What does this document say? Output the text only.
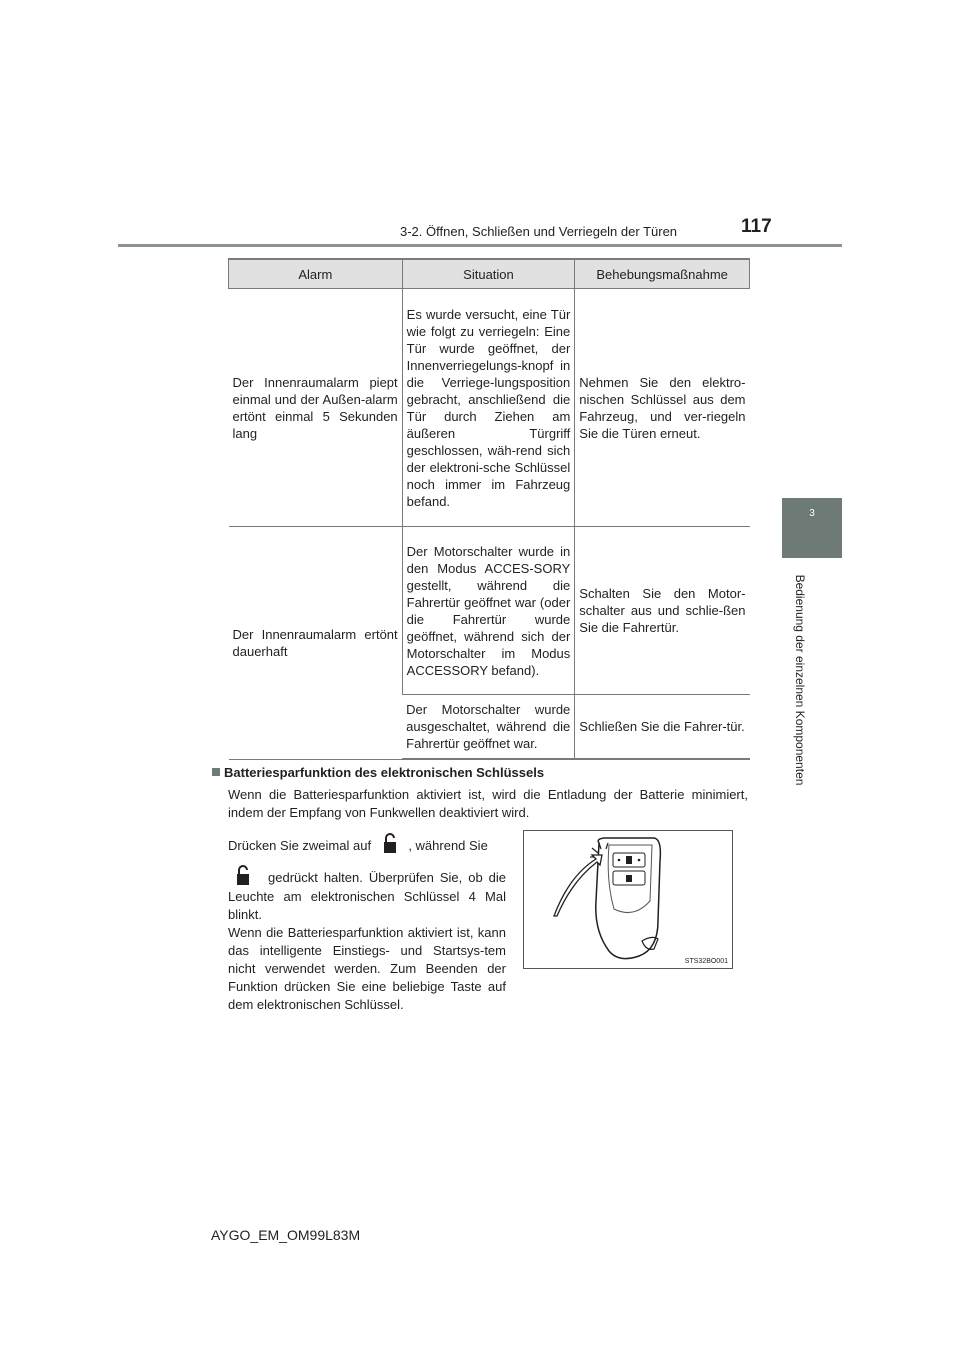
3-2. Öffnen, Schließen und Verriegeln der Türen	117
3
Bedienung der einzelnen Komponenten
Alarm	Situation	Behebungsmaßnahme
Der Innenraumalarm piept einmal und der Außen-alarm ertönt einmal 5 Sekunden lang	Es wurde versucht, eine Tür wie folgt zu verriegeln: Eine Tür wurde geöffnet, der Innenverriegelungs-knopf in die Verriege-lungsposition gebracht, anschließend die Tür durch Ziehen am äußeren Türgriff geschlossen, wäh-rend sich der elektroni-sche Schlüssel noch immer im Fahrzeug befand.	Nehmen Sie den elektro-nischen Schlüssel aus dem Fahrzeug, und ver-riegeln Sie die Türen erneut.
Der Innenraumalarm ertönt dauerhaft	Der Motorschalter wurde in den Modus ACCES-SORY gestellt, während die Fahrertür geöffnet war (oder die Fahrertür wurde geöffnet, während sich der Motorschalter im Modus ACCESSORY befand).	Schalten Sie den Motor-schalter aus und schlie-ßen Sie die Fahrertür.
	Der Motorschalter wurde ausgeschaltet, während die Fahrertür geöffnet war.	Schließen Sie die Fahrer-tür.
Batteriesparfunktion des elektronischen Schlüssels
Wenn die Batteriesparfunktion aktiviert ist, wird die Entladung der Batterie minimiert, indem der Empfang von Funkwellen deaktiviert wird.
Drücken Sie zweimal auf	, während Sie

gedrückt halten. Überprüfen Sie, ob die Leuchte am elektronischen Schlüssel 4 Mal blinkt.
Wenn die Batteriesparfunktion aktiviert ist, kann das intelligente Einstiegs- und Startsys-tem nicht verwendet werden. Zum Beenden der Funktion drücken Sie eine beliebige Taste auf dem elektronischen Schlüssel.
STS32BO001
AYGO_EM_OM99L83M
